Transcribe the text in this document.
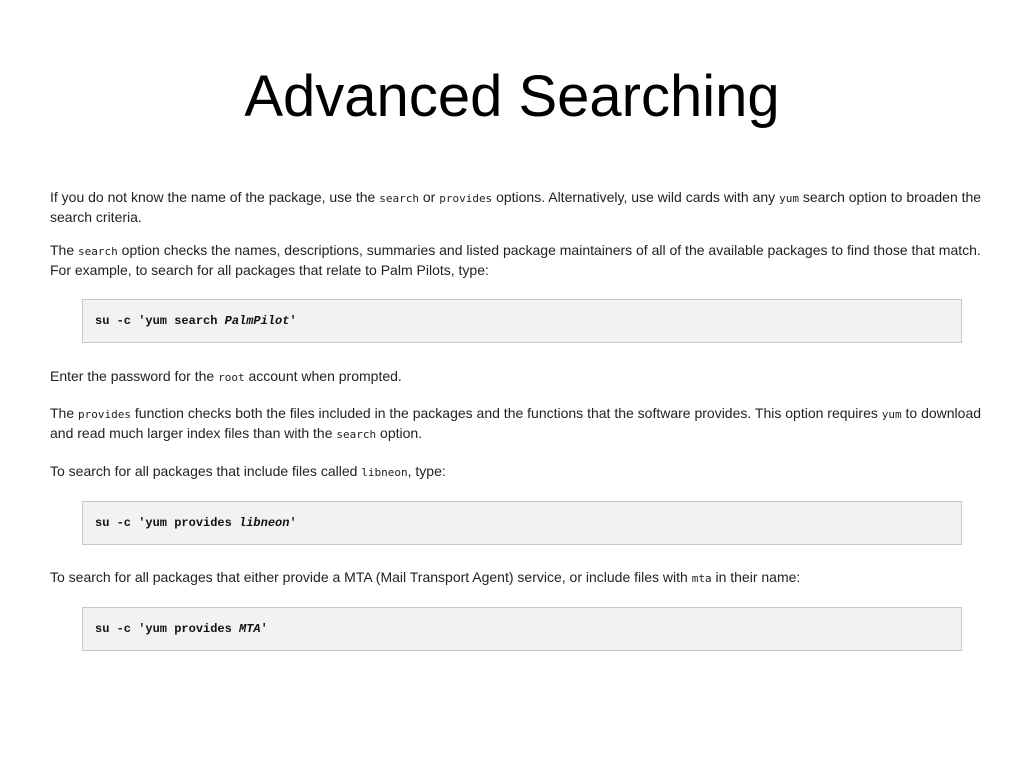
Advanced Searching

If you do not know the name of the package, use the search or provides options. Alternatively, use wild cards with any yum search option to broaden the search criteria.

The search option checks the names, descriptions, summaries and listed package maintainers of all of the available packages to find those that match. For example, to search for all packages that relate to Palm Pilots, type:

su -c 'yum search PalmPilot '

Enter the password for the root account when prompted.

The provides function checks both the files included in the packages and the functions that the software provides. This option requires yum to download and read much larger index files than with the search option.

To search for all packages that include files called libneon, type:

su -c 'yum provides libneon '

To search for all packages that either provide a MTA (Mail Transport Agent) service, or include files with mta in their name:

su -c 'yum provides MTA '
